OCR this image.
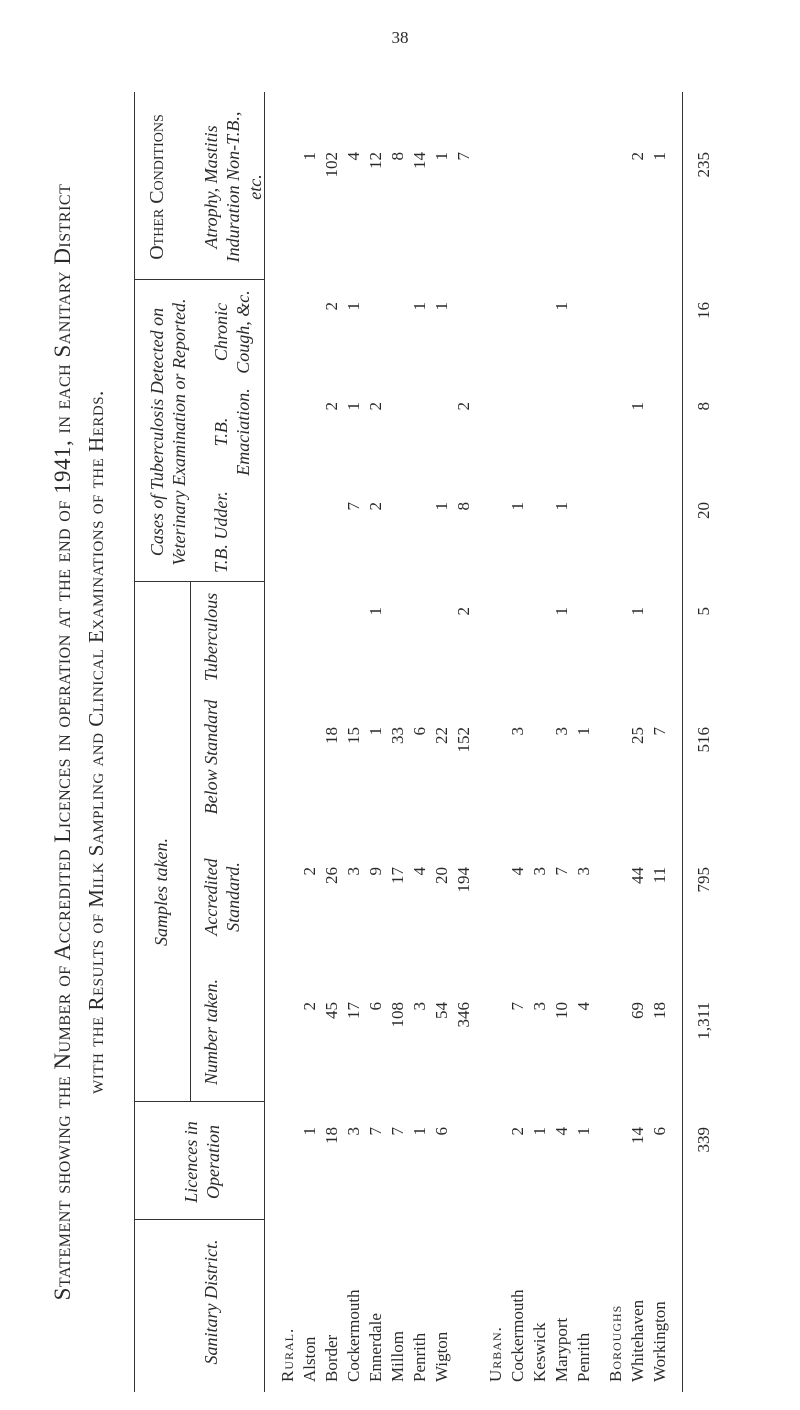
38
Statement showing the Number of Accredited Licences in operation at the end of 1941, in each Sanitary District with the Results of Milk Sampling and Clinical Examinations of the Herds.
Sanitary District.
Licences in Operation
Samples taken.
Number taken.
Accredited Standard.
Below Standard
Tuberculous
Cases of Tuberculosis Detected on Veterinary Examination or Reported. T.B. Udder.
T.B. Emaciation.
Chronic Cough, &c.
Other Conditions Atrophy, Mastitis Induration Non-T.B., etc.
Rural. Alston
1
2
2
1
Border
18
45
26
18
2
2
102
Cockermouth
3
17
3
15
7
1
1
4
Ennerdale
7
6
9
1
1
2
2
12
Millom
7
108
17
33
8
Penrith
1
3
4
6
1
14
Wigton
6
54
20
22
1
1
1
346
194
152
2
8
2
7
Urban. Cockermouth
2
7
4
3
1
Keswick
1
3
3
Maryport
4
10
7
3
1
1
1
Penrith
1
4
3
1
Boroughs Whitehaven
14
69
44
25
1
1
2
Workington
6
18
11
7
1
339
1,311
795
516
5
20
8
16
235
